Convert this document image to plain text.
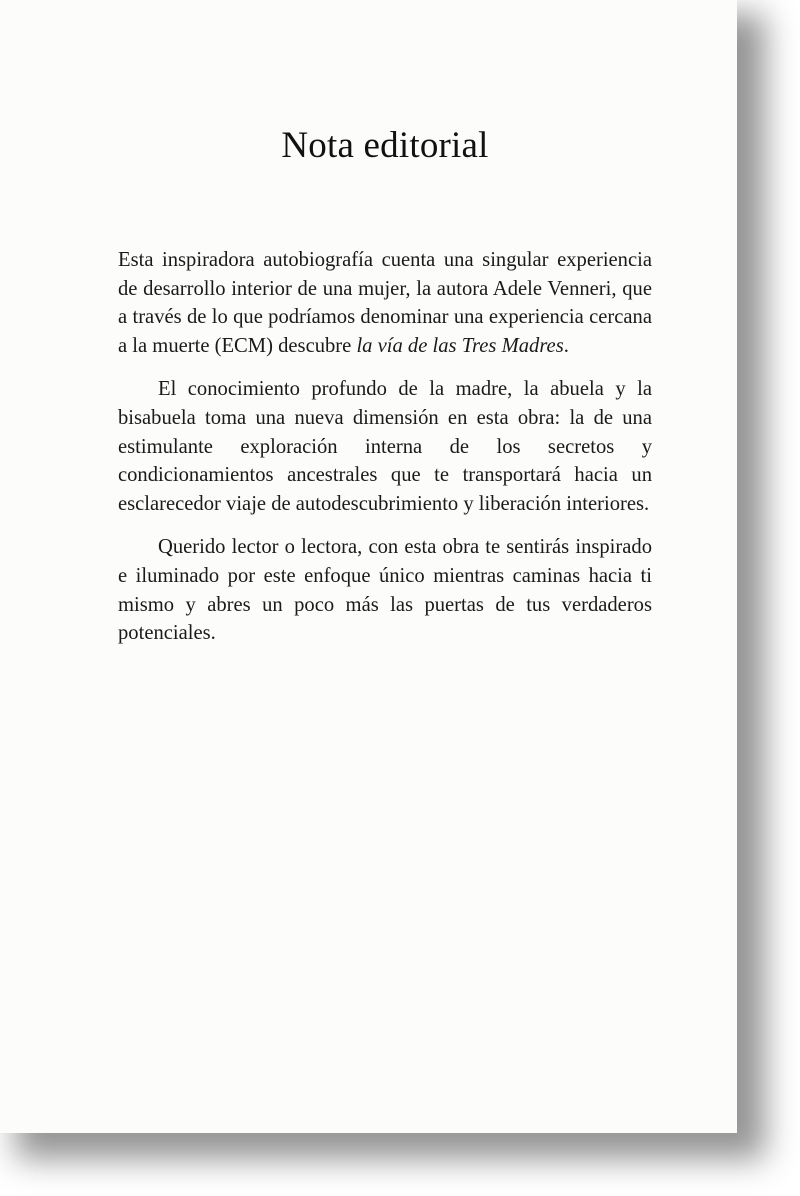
Nota editorial

Esta inspiradora autobiografía cuenta una singular experiencia de desarrollo interior de una mujer, la autora Adele Venneri, que a través de lo que podríamos denominar una experiencia cercana a la muerte (ECM) descubre la vía de las Tres Madres.

El conocimiento profundo de la madre, la abuela y la bisabuela toma una nueva dimensión en esta obra: la de una estimulante exploración interna de los secretos y condicionamientos ancestrales que te transportará hacia un esclarecedor viaje de autodescubrimiento y liberación interiores.

Querido lector o lectora, con esta obra te sentirás inspirado e iluminado por este enfoque único mientras caminas hacia ti mismo y abres un poco más las puertas de tus verdaderos potenciales.
